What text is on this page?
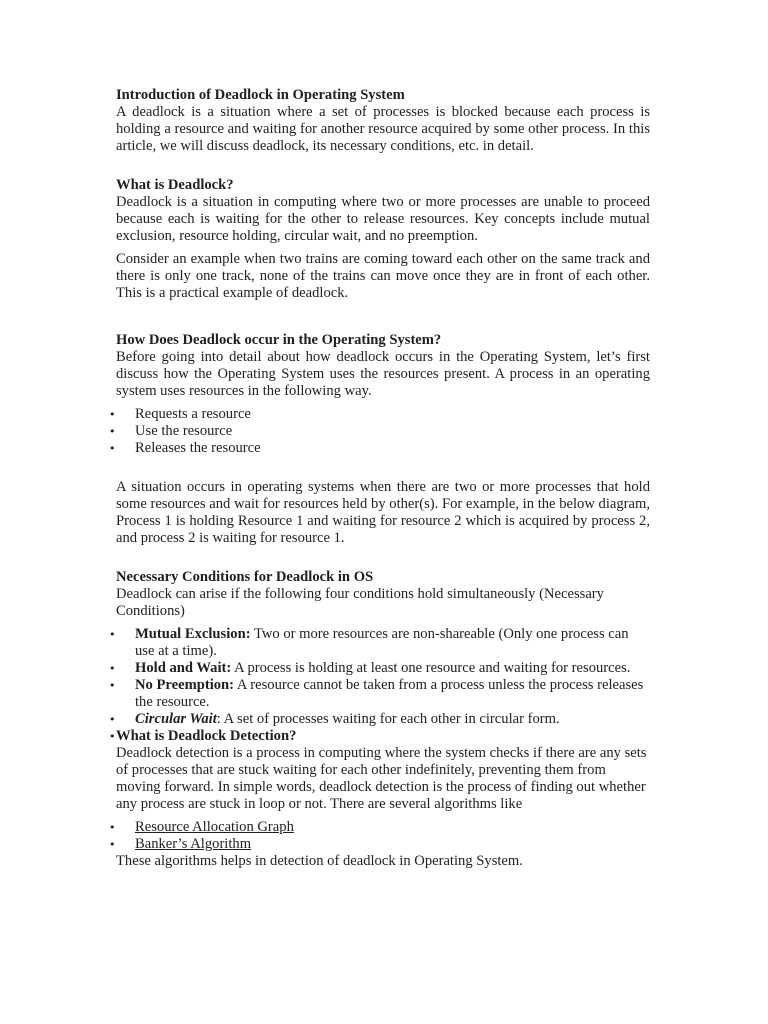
Introduction of Deadlock in Operating System

A deadlock is a situation where a set of processes is blocked because each process is holding a resource and waiting for another resource acquired by some other process. In this article, we will discuss deadlock, its necessary conditions, etc. in detail.

What is Deadlock?

Deadlock is a situation in computing where two or more processes are unable to proceed because each is waiting for the other to release resources. Key concepts include mutual exclusion, resource holding, circular wait, and no preemption.

Consider an example when two trains are coming toward each other on the same track and there is only one track, none of the trains can move once they are in front of each other. This is a practical example of deadlock.

How Does Deadlock occur in the Operating System?

Before going into detail about how deadlock occurs in the Operating System, let’s first discuss how the Operating System uses the resources present. A process in an operating system uses resources in the following way.

• Requests a resource
• Use the resource
• Releases the resource

A situation occurs in operating systems when there are two or more processes that hold some resources and wait for resources held by other(s). For example, in the below diagram, Process 1 is holding Resource 1 and waiting for resource 2 which is acquired by process 2, and process 2 is waiting for resource 1.

Necessary Conditions for Deadlock in OS

Deadlock can arise if the following four conditions hold simultaneously (Necessary Conditions)

• Mutual Exclusion: Two or more resources are non-shareable (Only one process can use at a time).
• Hold and Wait: A process is holding at least one resource and waiting for resources.
• No Preemption: A resource cannot be taken from a process unless the process releases the resource.
• Circular Wait: A set of processes waiting for each other in circular form.

What is Deadlock Detection?

Deadlock detection is a process in computing where the system checks if there are any sets of processes that are stuck waiting for each other indefinitely, preventing them from moving forward. In simple words, deadlock detection is the process of finding out whether any process are stuck in loop or not. There are several algorithms like

• Resource Allocation Graph
• Banker’s Algorithm

These algorithms helps in detection of deadlock in Operating System.
